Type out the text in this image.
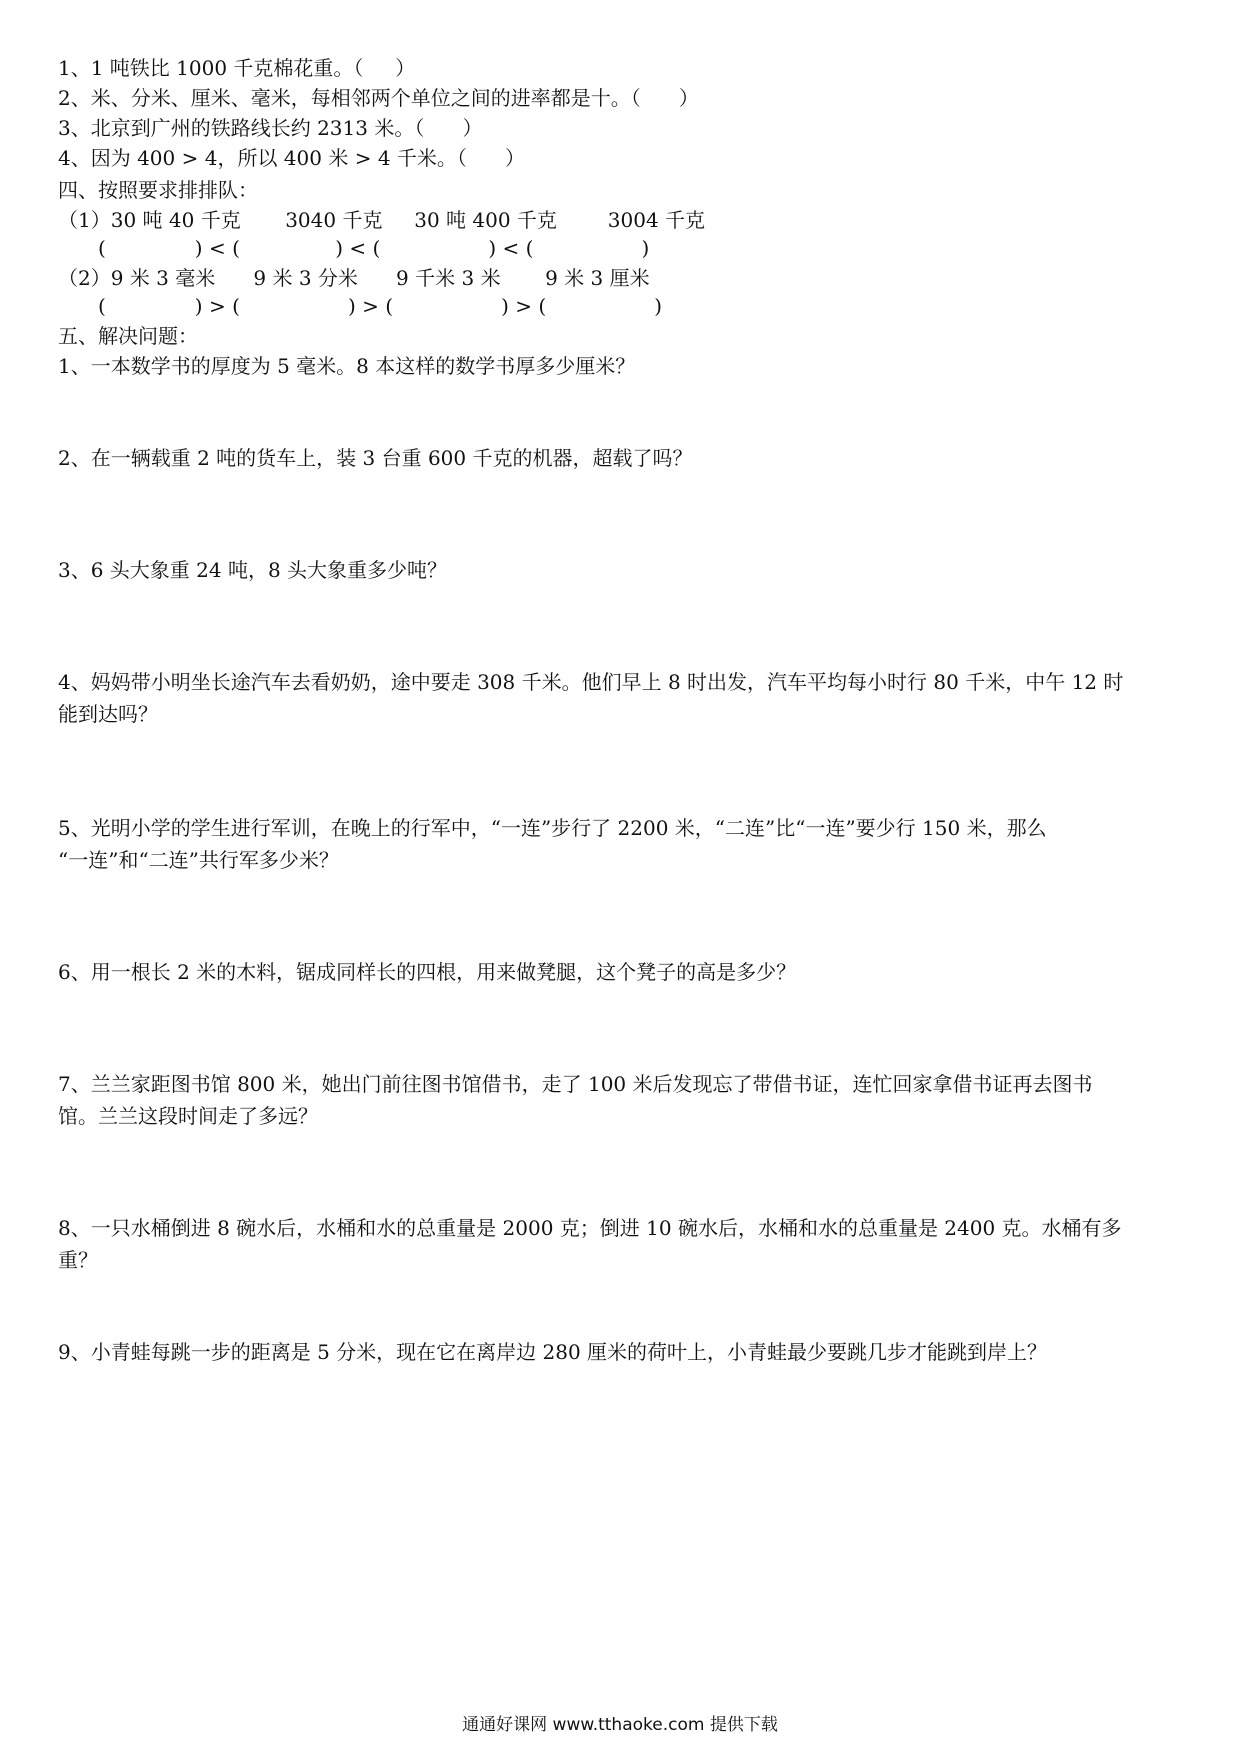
1、1 吨铁比 1000 千克棉花重。（     ）
2、米、分米、厘米、毫米，每相邻两个单位之间的进率都是十。（      ）
3、北京到广州的铁路线长约 2313 米。（      ）
4、因为 400 > 4，所以 400 米 > 4 千米。（      ）
四、按照要求排排队：
（1）30 吨 40 千克       3040 千克     30 吨 400 千克        3004 千克
(              ) < (               ) < (                 ) < (                 )
（2）9 米 3 毫米      9 米 3 分米      9 千米 3 米       9 米 3 厘米
(              ) > (                 ) > (                 ) > (                 )
五、解决问题：
1、一本数学书的厚度为 5 毫米。8 本这样的数学书厚多少厘米？
2、在一辆载重 2 吨的货车上，装 3 台重 600 千克的机器，超载了吗？
3、6 头大象重 24 吨，8 头大象重多少吨？
4、妈妈带小明坐长途汽车去看奶奶，途中要走 308 千米。他们早上 8 时出发，汽车平均每小时行 80 千米，中午 12 时
能到达吗？
5、光明小学的学生进行军训，在晚上的行军中，“一连”步行了 2200 米，“二连”比“一连”要少行 150 米，那么
“一连”和“二连”共行军多少米？
6、用一根长 2 米的木料，锯成同样长的四根，用来做凳腿，这个凳子的高是多少？
7、兰兰家距图书馆 800 米，她出门前往图书馆借书，走了 100 米后发现忘了带借书证，连忙回家拿借书证再去图书
馆。兰兰这段时间走了多远？
8、一只水桶倒进 8 碗水后，水桶和水的总重量是 2000 克；倒进 10 碗水后，水桶和水的总重量是 2400 克。水桶有多
重？
9、小青蛙每跳一步的距离是 5 分米，现在它在离岸边 280 厘米的荷叶上，小青蛙最少要跳几步才能跳到岸上？
通通好课网 www.tthaoke.com 提供下载
